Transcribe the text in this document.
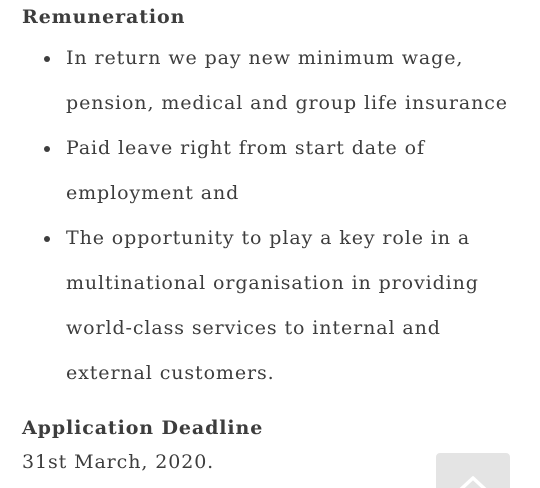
Remuneration
In return we pay new minimum wage,
pension, medical and group life insurance
Paid leave right from start date of
employment and
The opportunity to play a key role in a
multinational organisation in providing
world-class services to internal and
external customers.
Application Deadline

31st March, 2020.
